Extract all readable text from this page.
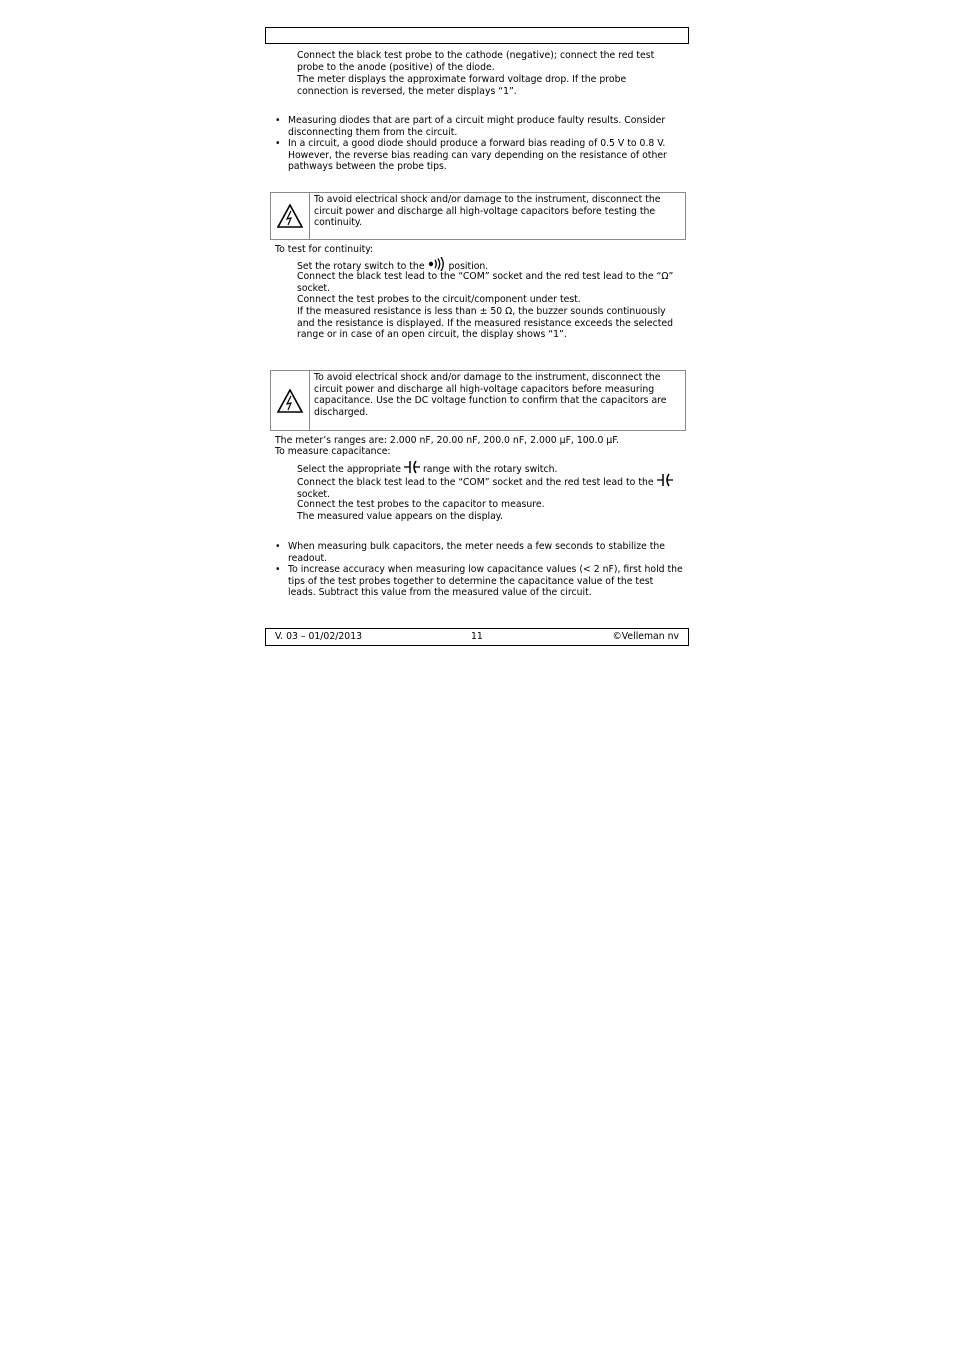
Connect the black test probe to the cathode (negative); connect the red test probe to the anode (positive) of the diode.
The meter displays the approximate forward voltage drop. If the probe connection is reversed, the meter displays “1”.
• Measuring diodes that are part of a circuit might produce faulty results. Consider disconnecting them from the circuit.
• In a circuit, a good diode should produce a forward bias reading of 0.5 V to 0.8 V. However, the reverse bias reading can vary depending on the resistance of other pathways between the probe tips.
To avoid electrical shock and/or damage to the instrument, disconnect the circuit power and discharge all high-voltage capacitors before testing the continuity.
To test for continuity:
Set the rotary switch to the	position.
Connect the black test lead to the “COM” socket and the red test lead to the “Ω” socket.
Connect the test probes to the circuit/component under test.
If the measured resistance is less than ± 50 Ω, the buzzer sounds continuously and the resistance is displayed. If the measured resistance exceeds the selected range or in case of an open circuit, the display shows “1”.
To avoid electrical shock and/or damage to the instrument, disconnect the circuit power and discharge all high-voltage capacitors before measuring capacitance. Use the DC voltage function to confirm that the capacitors are discharged.
The meter’s ranges are: 2.000 nF, 20.00 nF, 200.0 nF, 2.000 µF, 100.0 µF.
To measure capacitance:
Select the appropriate range with the rotary switch.
Connect the black test lead to the “COM” socket and the red test lead to the  socket.
Connect the test probes to the capacitor to measure.
The measured value appears on the display.
• When measuring bulk capacitors, the meter needs a few seconds to stabilize the readout.
• To increase accuracy when measuring low capacitance values (< 2 nF), first hold the tips of the test probes together to determine the capacitance value of the test leads. Subtract this value from the measured value of the circuit.
V. 03 – 01/02/2013	11	©Velleman nv
